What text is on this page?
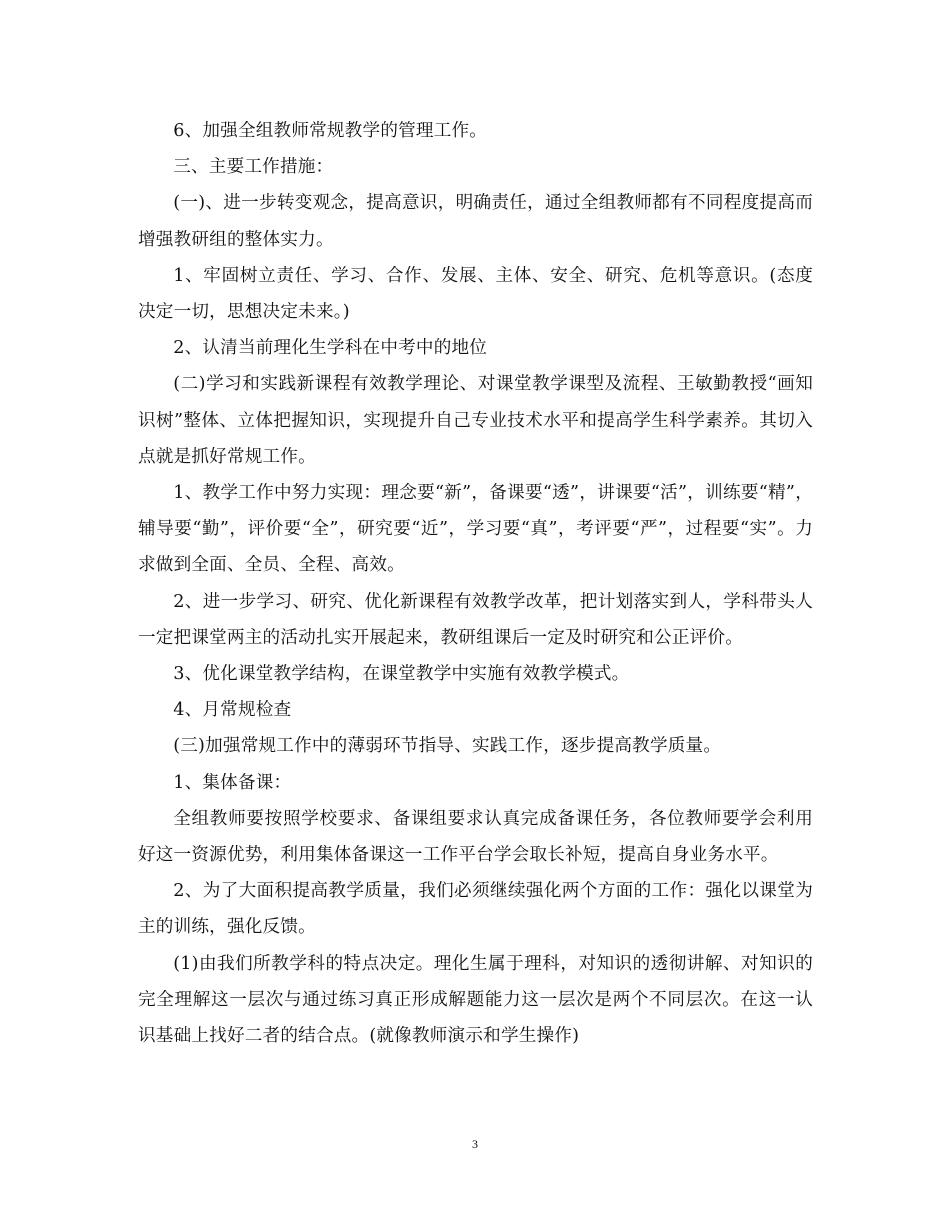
6、加强全组教师常规教学的管理工作。

三、主要工作措施：

(一)、进一步转变观念，提高意识，明确责任，通过全组教师都有不同程度提高而增强教研组的整体实力。

1、牢固树立责任、学习、合作、发展、主体、安全、研究、危机等意识。(态度决定一切，思想决定未来。)

2、认清当前理化生学科在中考中的地位

(二)学习和实践新课程有效教学理论、对课堂教学课型及流程、王敏勤教授“画知识树”整体、立体把握知识，实现提升自己专业技术水平和提高学生科学素养。其切入点就是抓好常规工作。

1、教学工作中努力实现：理念要“新”，备课要“透”，讲课要“活”，训练要“精”，辅导要“勤”，评价要“全”，研究要“近”，学习要“真”，考评要“严”，过程要“实”。力求做到全面、全员、全程、高效。

2、进一步学习、研究、优化新课程有效教学改革，把计划落实到人，学科带头人一定把课堂两主的活动扎实开展起来，教研组课后一定及时研究和公正评价。

3、优化课堂教学结构，在课堂教学中实施有效教学模式。

4、月常规检查

(三)加强常规工作中的薄弱环节指导、实践工作，逐步提高教学质量。

1、集体备课：

全组教师要按照学校要求、备课组要求认真完成备课任务，各位教师要学会利用好这一资源优势，利用集体备课这一工作平台学会取长补短，提高自身业务水平。

2、为了大面积提高教学质量，我们必须继续强化两个方面的工作：强化以课堂为主的训练，强化反馈。

(1)由我们所教学科的特点决定。理化生属于理科，对知识的透彻讲解、对知识的完全理解这一层次与通过练习真正形成解题能力这一层次是两个不同层次。在这一认识基础上找好二者的结合点。(就像教师演示和学生操作)

3
